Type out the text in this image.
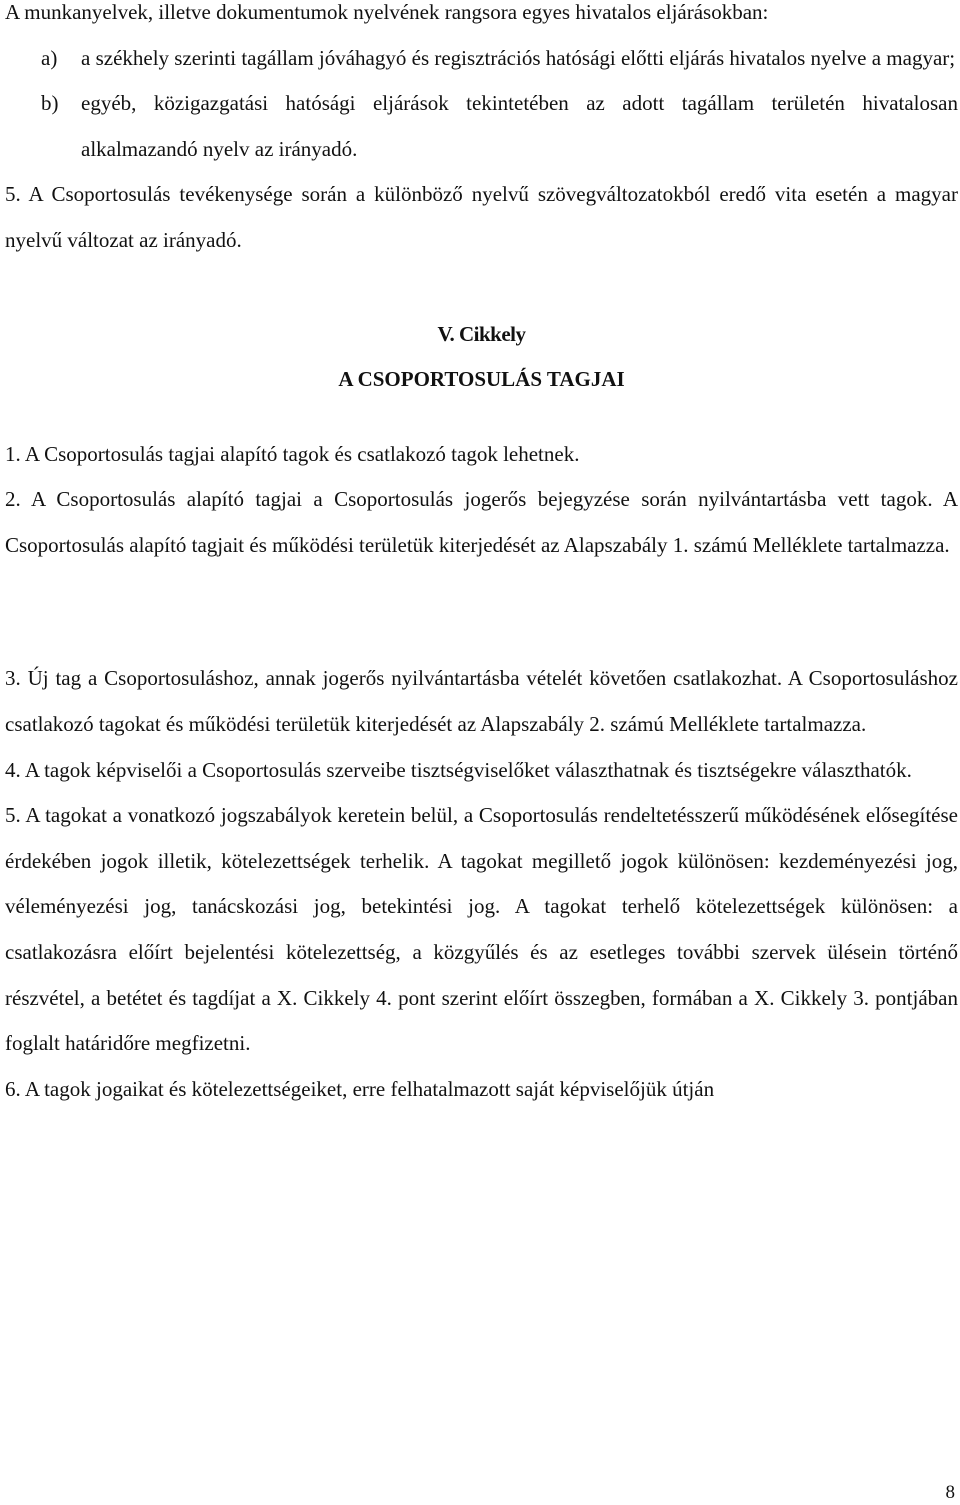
A munkanyelvek, illetve dokumentumok nyelvének rangsora egyes hivatalos eljárásokban:

a)	a székhely szerinti tagállam jóváhagyó és regisztrációs hatósági előtti eljárás hivatalos nyelve a magyar;
b)	egyéb, közigazgatási hatósági eljárások tekintetében az adott tagállam területén hivatalosan alkalmazandó nyelv az irányadó.

5. A Csoportosulás tevékenysége során a különböző nyelvű szövegváltozatokból eredő vita esetén a magyar nyelvű változat az irányadó.

V. Cikkely

A CSOPORTOSULÁS TAGJAI

1. A Csoportosulás tagjai alapító tagok és csatlakozó tagok lehetnek.

2. A Csoportosulás alapító tagjai a Csoportosulás jogerős bejegyzése során nyilvántartásba vett tagok. A Csoportosulás alapító tagjait és működési területük kiterjedését az Alapszabály 1. számú Melléklete tartalmazza.

3. Új tag a Csoportosuláshoz, annak jogerős nyilvántartásba vételét követően csatlakozhat. A Csoportosuláshoz csatlakozó tagokat és működési területük kiterjedését az Alapszabály 2. számú Melléklete tartalmazza.

4. A tagok képviselői a Csoportosulás szerveibe tisztségviselőket választhatnak és tisztségekre választhatók.

5. A tagokat a vonatkozó jogszabályok keretein belül, a Csoportosulás rendeltetésszerű működésének elősegítése érdekében jogok illetik, kötelezettségek terhelik. A tagokat megillető jogok különösen: kezdeményezési jog, véleményezési jog, tanácskozási jog, betekintési jog. A tagokat terhelő kötelezettségek különösen: a csatlakozásra előírt bejelentési kötelezettség, a közgyűlés és az esetleges további szervek ülésein történő részvétel, a betétet és tagdíjat a X. Cikkely 4. pont szerint előírt összegben, formában a X. Cikkely 3. pontjában foglalt határidőre megfizetni.

6. A tagok jogaikat és kötelezettségeiket, erre felhatalmazott saját képviselőjük útján

8
